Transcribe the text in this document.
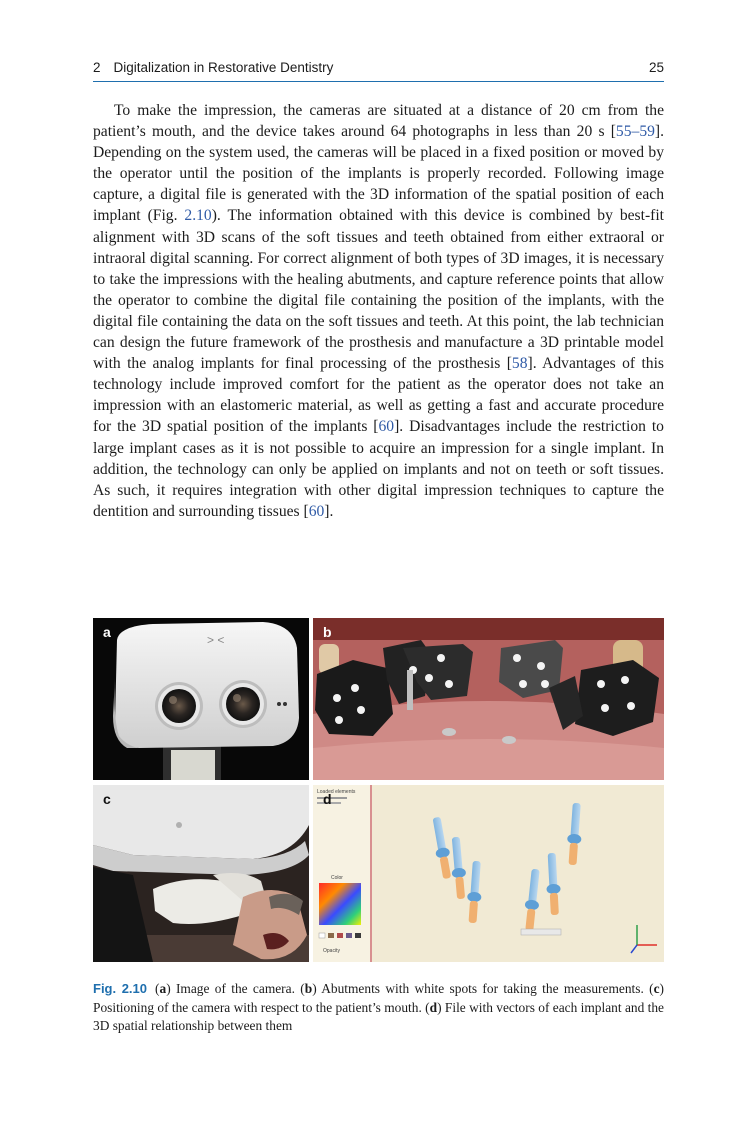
2 Digitalization in Restorative Dentistry	25

To make the impression, the cameras are situated at a distance of 20 cm from the patient’s mouth, and the device takes around 64 photographs in less than 20 s [55–59]. Depending on the system used, the cameras will be placed in a fixed position or moved by the operator until the position of the implants is properly recorded. Following image capture, a digital file is generated with the 3D information of the spatial position of each implant (Fig. 2.10). The information obtained with this device is combined by best-fit alignment with 3D scans of the soft tissues and teeth obtained from either extraoral or intraoral digital scanning. For correct alignment of both types of 3D images, it is necessary to take the impressions with the healing abutments, and capture reference points that allow the operator to combine the digital file containing the position of the implants, with the digital file containing the data on the soft tissues and teeth. At this point, the lab technician can design the future framework of the prosthesis and manufacture a 3D printable model with the analog implants for final processing of the prosthesis [58]. Advantages of this technology include improved comfort for the patient as the operator does not take an impression with an elastomeric material, as well as getting a fast and accurate procedure for the 3D spatial position of the implants [60]. Disadvantages include the restriction to large implant cases as it is not possible to acquire an impression for a single implant. In addition, the technology can only be applied on implants and not on teeth or soft tissues. As such, it requires integration with other digital impression techniques to capture the dentition and surrounding tissues [60].

> <
a	b
c	Loaded elements
Color
Opacity
d
Fig. 2.10 (a) Image of the camera. (b) Abutments with white spots for taking the measurements. (c) Positioning of the camera with respect to the patient’s mouth. (d) File with vectors of each implant and the 3D spatial relationship between them
